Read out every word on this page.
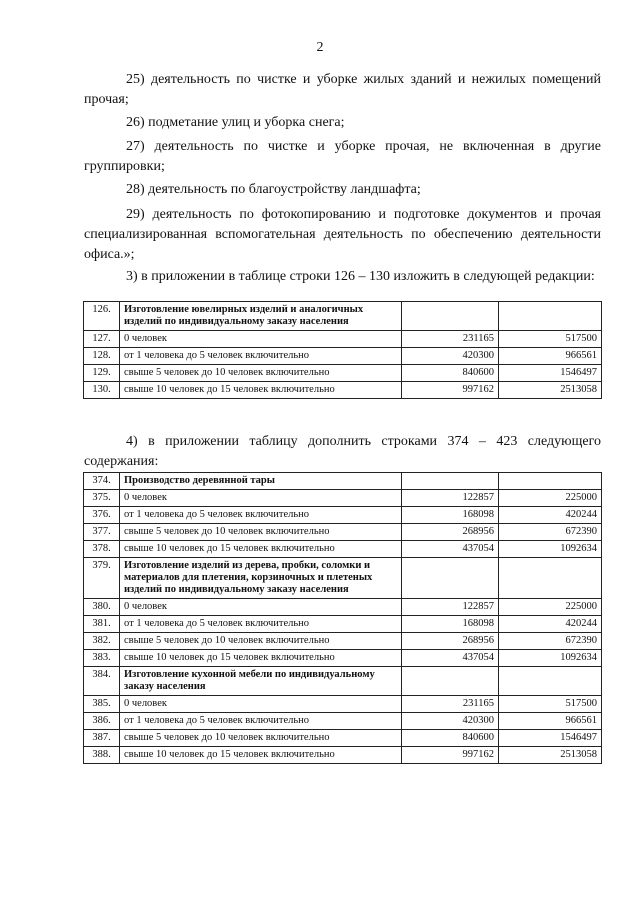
2

25) деятельность по чистке и уборке жилых зданий и нежилых помещений прочая;

26) подметание улиц и уборка снега;

27) деятельность по чистке и уборке прочая, не включенная в другие группировки;

28) деятельность по благоустройству ландшафта;

29) деятельность по фотокопированию и подготовке документов и прочая специализированная вспомогательная деятельность по обеспечению деятельности офиса.»;

3) в приложении в таблице строки 126 – 130 изложить в следующей редакции:

126.	Изготовление ювелирных изделий и аналогичных изделий по индивидуальному заказу населения		
127.	0 человек	231165	517500
128.	от 1 человека до 5 человек включительно	420300	966561
129.	свыше 5 человек до 10 человек включительно	840600	1546497
130.	свыше 10 человек до 15 человек включительно	997162	2513058

4) в приложении таблицу дополнить строками 374 – 423 следующего содержания:

374.	Производство деревянной тары		
375.	0 человек	122857	225000
376.	от 1 человека до 5 человек включительно	168098	420244
377.	свыше 5 человек до 10 человек включительно	268956	672390
378.	свыше 10 человек до 15 человек включительно	437054	1092634
379.	Изготовление изделий из дерева, пробки, соломки и материалов для плетения, корзиночных и плетеных изделий по индивидуальному заказу населения		
380.	0 человек	122857	225000
381.	от 1 человека до 5 человек включительно	168098	420244
382.	свыше 5 человек до 10 человек включительно	268956	672390
383.	свыше 10 человек до 15 человек включительно	437054	1092634
384.	Изготовление кухонной мебели по индивидуальному заказу населения		
385.	0 человек	231165	517500
386.	от 1 человека до 5 человек включительно	420300	966561
387.	свыше 5 человек до 10 человек включительно	840600	1546497
388.	свыше 10 человек до 15 человек включительно	997162	2513058
